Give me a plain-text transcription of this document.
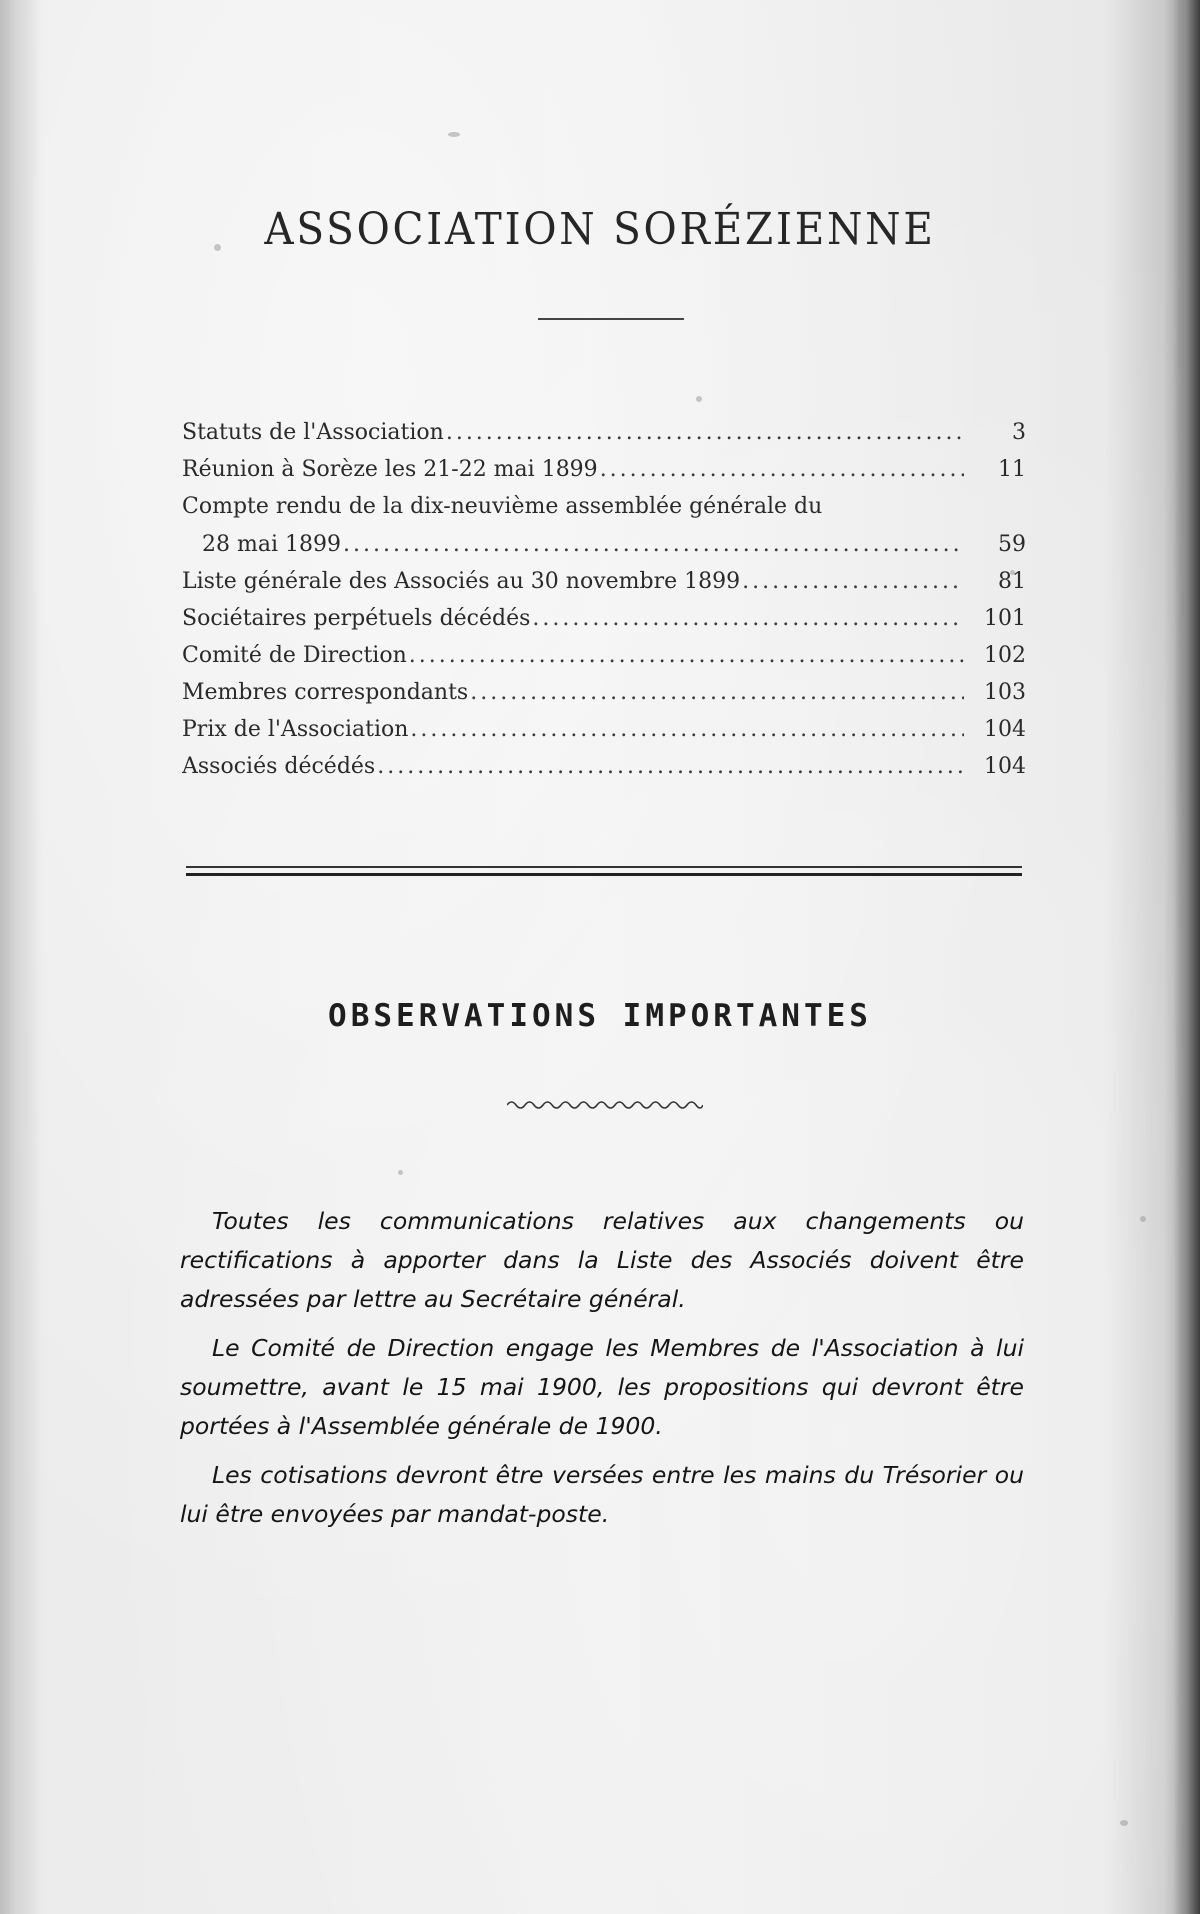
ASSOCIATION SORÉZIENNE
Statuts de l'Association .....	3
Réunion à Sorèze les 21-22 mai 1899 .....	11
Compte rendu de la dix-neuvième assemblée générale du
28 mai 1899 .....	59
Liste générale des Associés au 30 novembre 1899 .....	81
Sociétaires perpétuels décédés .....	101
Comité de Direction .....	102
Membres correspondants .....	103
Prix de l'Association .....	104
Associés décédés .....	104
OBSERVATIONS IMPORTANTES

Toutes les communications relatives aux changements ou rectifications à apporter dans la Liste des Associés doivent être adressées par lettre au Secrétaire général.

Le Comité de Direction engage les Membres de l'Association à lui soumettre, avant le 15 mai 1900, les propositions qui devront être portées à l'Assemblée générale de 1900.

Les cotisations devront être versées entre les mains du Trésorier ou lui être envoyées par mandat-poste.
